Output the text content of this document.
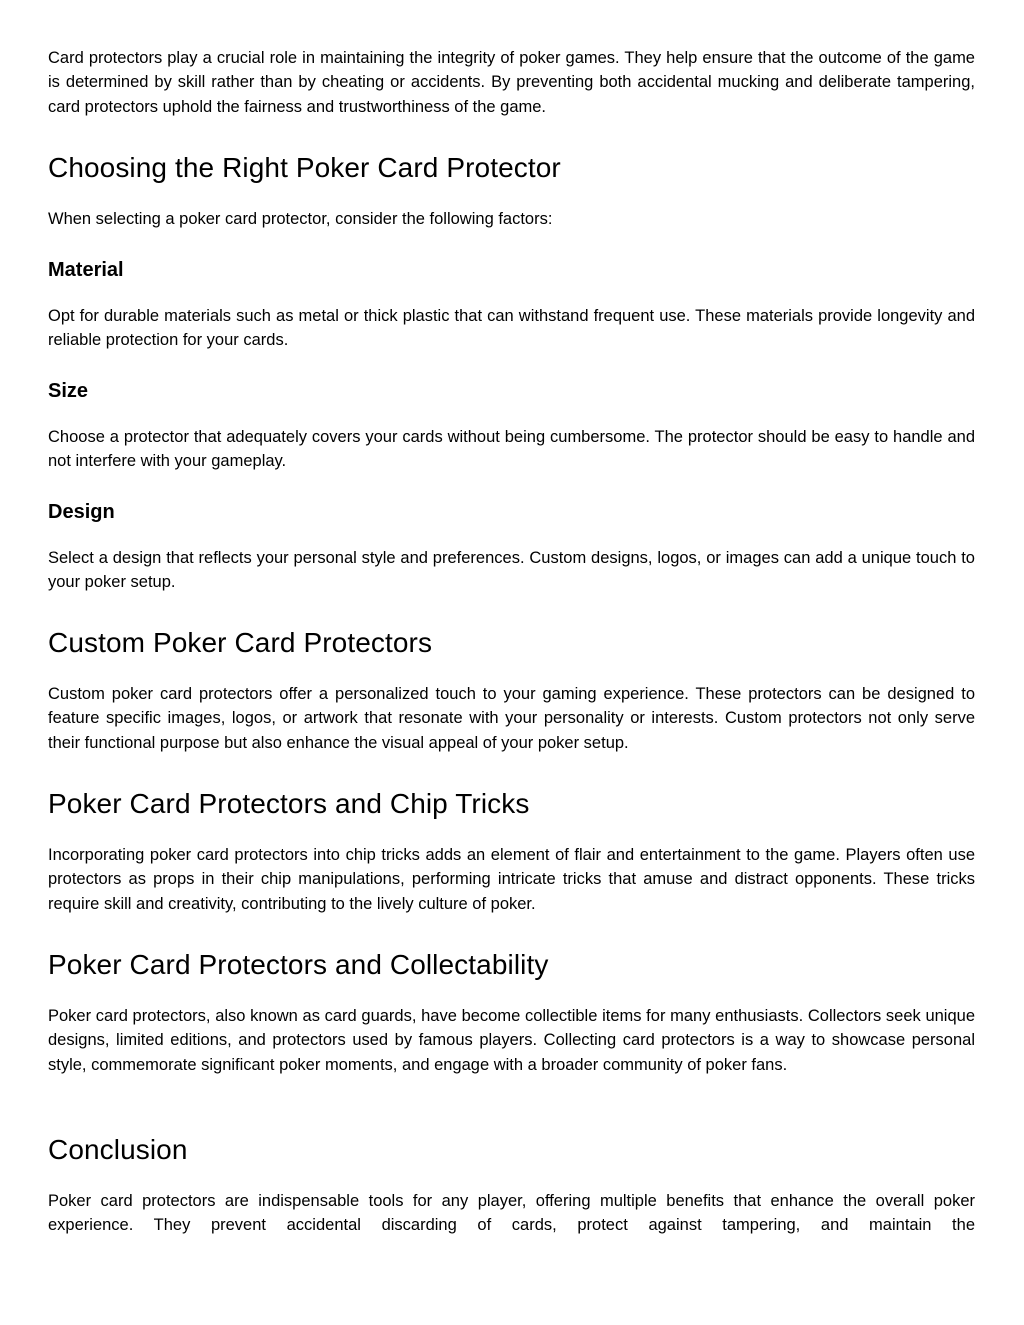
Card protectors play a crucial role in maintaining the integrity of poker games. They help ensure that the outcome of the game is determined by skill rather than by cheating or accidents. By preventing both accidental mucking and deliberate tampering, card protectors uphold the fairness and trustworthiness of the game.

Choosing the Right Poker Card Protector

When selecting a poker card protector, consider the following factors:

Material

Opt for durable materials such as metal or thick plastic that can withstand frequent use. These materials provide longevity and reliable protection for your cards.

Size

Choose a protector that adequately covers your cards without being cumbersome. The protector should be easy to handle and not interfere with your gameplay.

Design

Select a design that reflects your personal style and preferences. Custom designs, logos, or images can add a unique touch to your poker setup.

Custom Poker Card Protectors

Custom poker card protectors offer a personalized touch to your gaming experience. These protectors can be designed to feature specific images, logos, or artwork that resonate with your personality or interests. Custom protectors not only serve their functional purpose but also enhance the visual appeal of your poker setup.

Poker Card Protectors and Chip Tricks

Incorporating poker card protectors into chip tricks adds an element of flair and entertainment to the game. Players often use protectors as props in their chip manipulations, performing intricate tricks that amuse and distract opponents. These tricks require skill and creativity, contributing to the lively culture of poker.

Poker Card Protectors and Collectability

Poker card protectors, also known as card guards, have become collectible items for many enthusiasts. Collectors seek unique designs, limited editions, and protectors used by famous players. Collecting card protectors is a way to showcase personal style, commemorate significant poker moments, and engage with a broader community of poker fans.

Conclusion

Poker card protectors are indispensable tools for any player, offering multiple benefits that enhance the overall poker experience. They prevent accidental discarding of cards, protect against tampering, and maintain the
